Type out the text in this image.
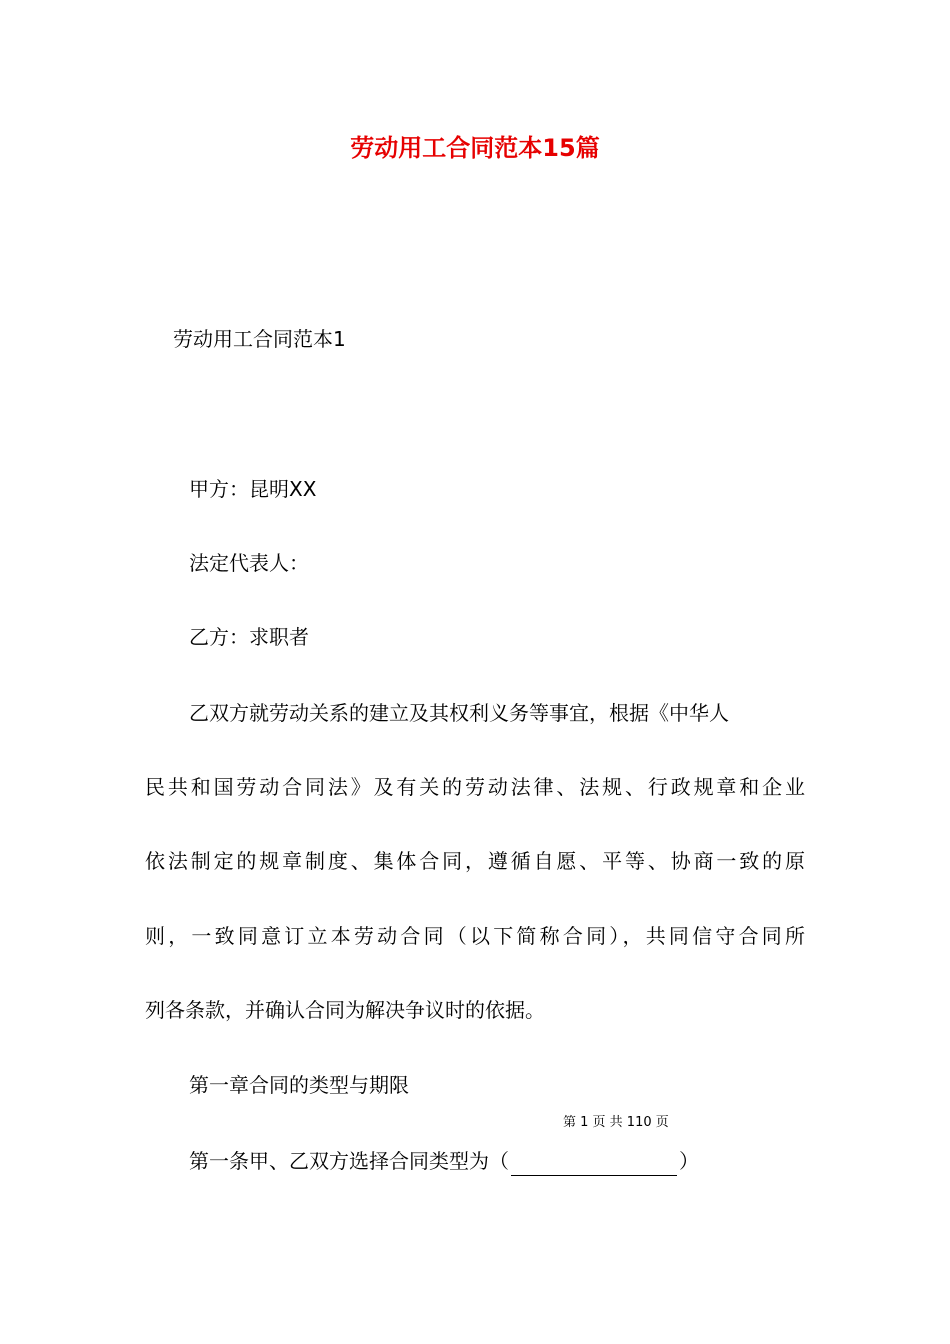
劳动用工合同范本15篇

劳动用工合同范本1

甲方：昆明XX

法定代表人：

乙方：求职者

乙双方就劳动关系的建立及其权利义务等事宜，根据《中华人

民共和国劳动合同法》及有关的劳动法律、法规、行政规章和企业

依法制定的规章制度、集体合同，遵循自愿、平等、协商一致的原

则，一致同意订立本劳动合同（以下简称合同），共同信守合同所

列各条款，并确认合同为解决争议时的依据。

第一章合同的类型与期限

第 1 页 共 110 页

第一条甲、乙双方选择合同类型为（	）
